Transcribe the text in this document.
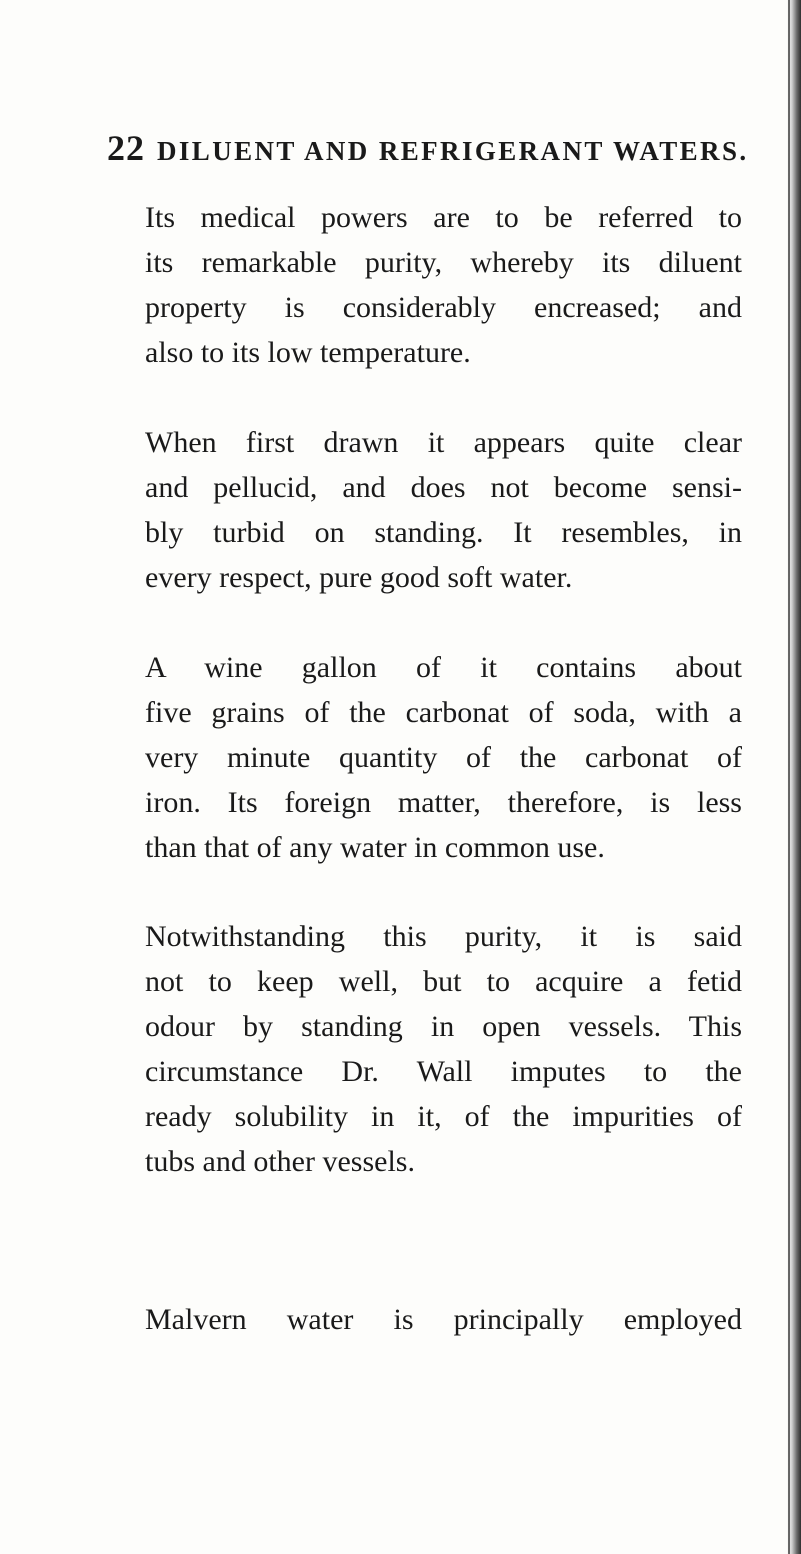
22 DILUENT AND REFRIGERANT WATERS.
Its medical powers are to be referred to
its remarkable purity, whereby its diluent
property is considerably encreased; and
also to its low temperature.
When first drawn it appears quite clear
and pellucid, and does not become sensi-
bly turbid on standing. It resembles, in
every respect, pure good soft water.
A wine gallon of it contains about
five grains of the carbonat of soda, with a
very minute quantity of the carbonat of
iron. Its foreign matter, therefore, is less
than that of any water in common use.
Notwithstanding this purity, it is said
not to keep well, but to acquire a fetid
odour by standing in open vessels. This
circumstance Dr. Wall imputes to the
ready solubility in it, of the impurities of
tubs and other vessels.
Malvern water is principally employed
